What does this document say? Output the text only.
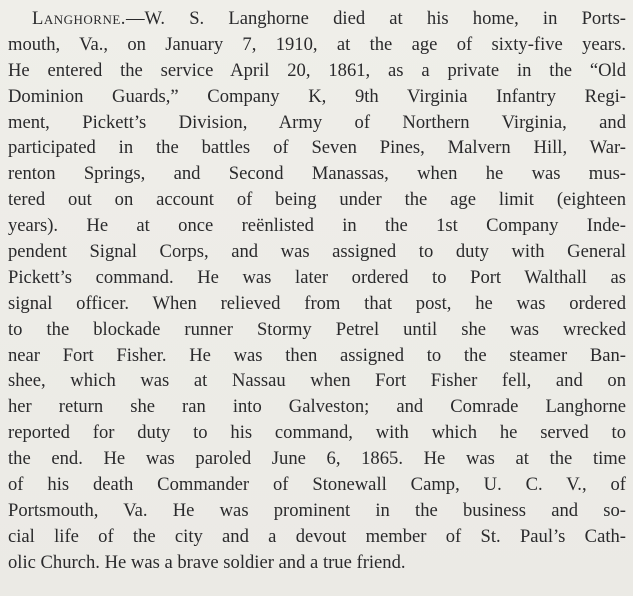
Langhorne.—W. S. Langhorne died at his home, in Ports-
mouth, Va., on January 7, 1910, at the age of sixty-five years.
He entered the service April 20, 1861, as a private in the “Old
Dominion Guards,” Company K, 9th Virginia Infantry Regi-
ment, Pickett’s Division, Army of Northern Virginia, and
participated in the battles of Seven Pines, Malvern Hill, War-
renton Springs, and Second Manassas, when he was mus-
tered out on account of being under the age limit (eighteen
years). He at once reënlisted in the 1st Company Inde-
pendent Signal Corps, and was assigned to duty with General
Pickett’s command. He was later ordered to Port Walthall as
signal officer. When relieved from that post, he was ordered
to the blockade runner Stormy Petrel until she was wrecked
near Fort Fisher. He was then assigned to the steamer Ban-
shee, which was at Nassau when Fort Fisher fell, and on
her return she ran into Galveston; and Comrade Langhorne
reported for duty to his command, with which he served to
the end. He was paroled June 6, 1865. He was at the time
of his death Commander of Stonewall Camp, U. C. V., of
Portsmouth, Va. He was prominent in the business and so-
cial life of the city and a devout member of St. Paul’s Cath-
olic Church. He was a brave soldier and a true friend.
